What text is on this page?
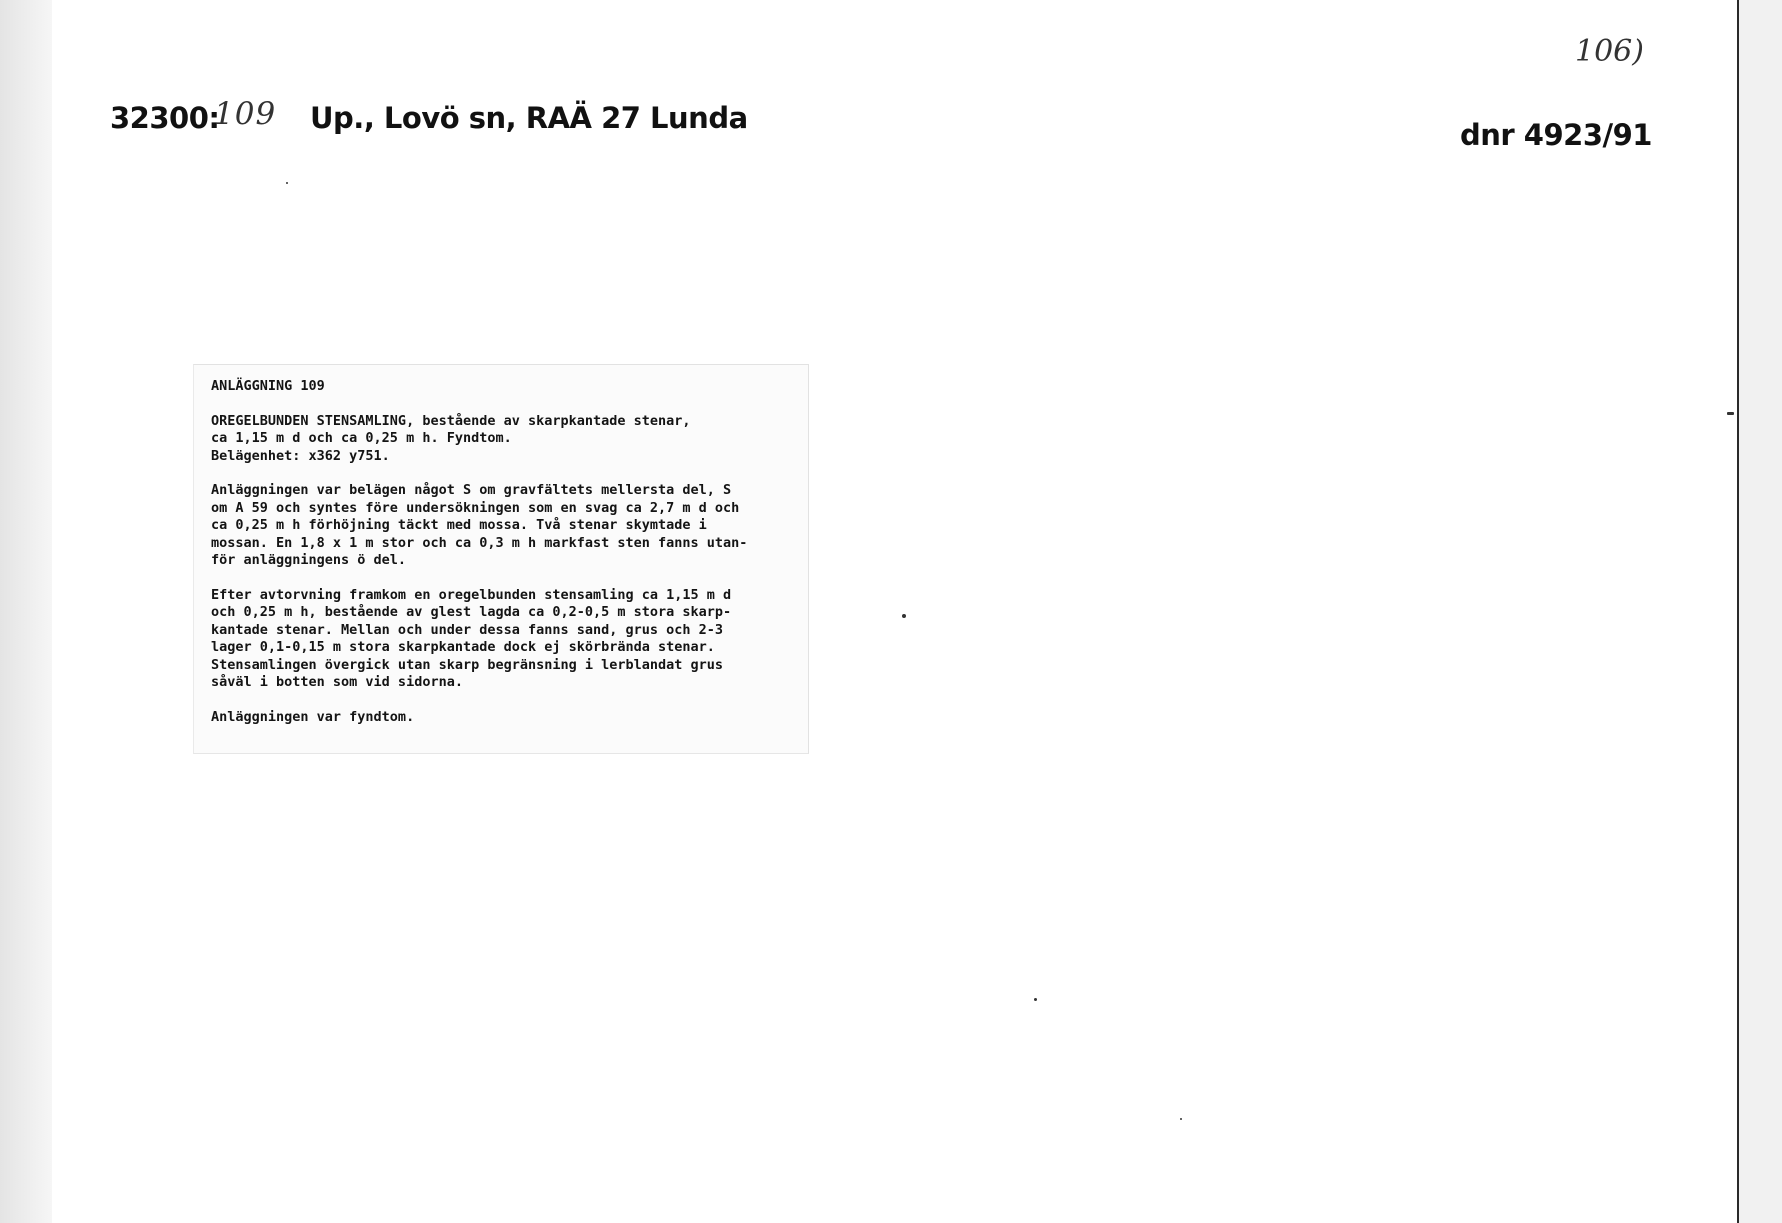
32300:
109 Up., Lovö sn, RAÄ 27 Lunda	dnr 4923/91
106)

ANLÄGGNING 109

OREGELBUNDEN STENSAMLING, bestående av skarpkantade stenar,
ca 1,15 m d och ca 0,25 m h. Fyndtom.
Belägenhet: x362 y751.

Anläggningen var belägen något S om gravfältets mellersta del, S
om A 59 och syntes före undersökningen som en svag ca 2,7 m d och
ca 0,25 m h förhöjning täckt med mossa. Två stenar skymtade i
mossan. En 1,8 x 1 m stor och ca 0,3 m h markfast sten fanns utan-
för anläggningens ö del.

Efter avtorvning framkom en oregelbunden stensamling ca 1,15 m d
och 0,25 m h, bestående av glest lagda ca 0,2-0,5 m stora skarp-
kantade stenar. Mellan och under dessa fanns sand, grus och 2-3
lager 0,1-0,15 m stora skarpkantade dock ej skörbrända stenar.
Stensamlingen övergick utan skarp begränsning i lerblandat grus
såväl i botten som vid sidorna.

Anläggningen var fyndtom.
